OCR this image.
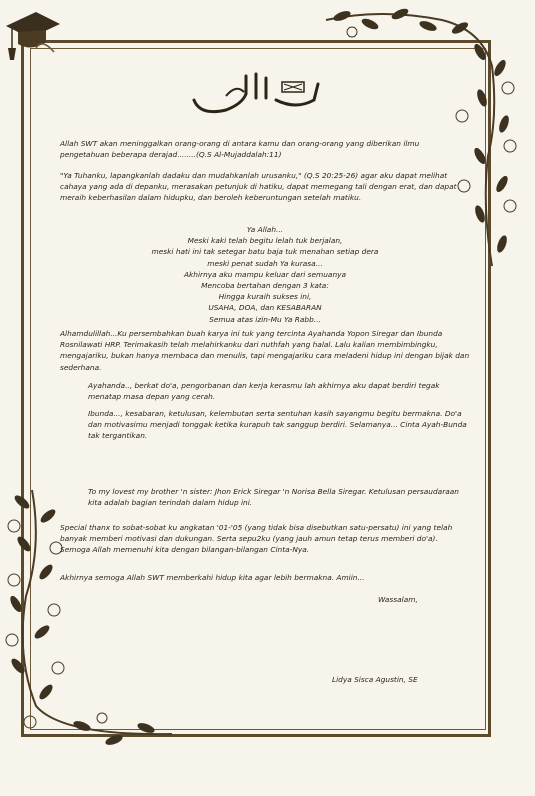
Allah SWT akan meninggalkan orang-orang di antara kamu dan orang-orang yang diberikan ilmu pengetahuan beberapa derajad........(Q.S Al-Mujaddalah:11)

"Ya Tuhanku, lapangkanlah dadaku dan mudahkanlah urusanku," (Q.S 20:25-26) agar aku dapat melihat cahaya yang ada di depanku, merasakan petunjuk di hatiku, dapat memegang tali dengan erat, dan dapat meraih keberhasilan dalam hidupku, dan beroleh keberuntungan setelah matiku.

Ya Allah...
Meski kaki telah begitu lelah tuk berjalan,
meski hati ini tak setegar batu baja tuk menahan setiap dera
meski penat sudah Ya kurasa...
Akhirnya aku mampu keluar dari semuanya
Mencoba bertahan dengan 3 kata:
Hingga kuraih sukses ini,
USAHA, DOA, dan KESABARAN
Semua atas izin-Mu Ya Rabb...

Alhamdulillah...Ku persembahkan buah karya ini tuk yang tercinta Ayahanda Yopon Siregar dan Ibunda Rosnilawati HRP. Terimakasih telah melahirkanku dari nuthfah yang halal. Lalu kalian membimbingku, mengajariku, bukan hanya membaca dan menulis, tapi mengajariku cara meladeni hidup ini dengan bijak dan sederhana.

Ayahanda.., berkat do'a, pengorbanan dan kerja kerasmu lah akhirnya aku dapat berdiri tegak menatap masa depan yang cerah.

Ibunda..., kesabaran, ketulusan, kelembutan serta sentuhan kasih sayangmu begitu bermakna. Do'a dan motivasimu menjadi tonggak ketika kurapuh tak sanggup berdiri. Selamanya... Cinta Ayah-Bunda tak tergantikan.

To my lovest my brother 'n sister: Jhon Erick Siregar 'n Norisa Bella Siregar. Ketulusan persaudaraan kita adalah bagian terindah dalam hidup ini.

Special thanx to sobat-sobat ku angkatan '01-'05 (yang tidak bisa disebutkan satu-persatu) ini yang telah banyak memberi motivasi dan dukungan. Serta sepu2ku (yang jauh amun tetap terus memberi do'a). Semoga Allah memenuhi kita dengan bilangan-bilangan Cinta-Nya.

Akhirnya semoga Allah SWT memberkahi hidup kita agar lebih bermakna. Amiin...

Wassalam,

Lidya Sisca Agustin, SE
